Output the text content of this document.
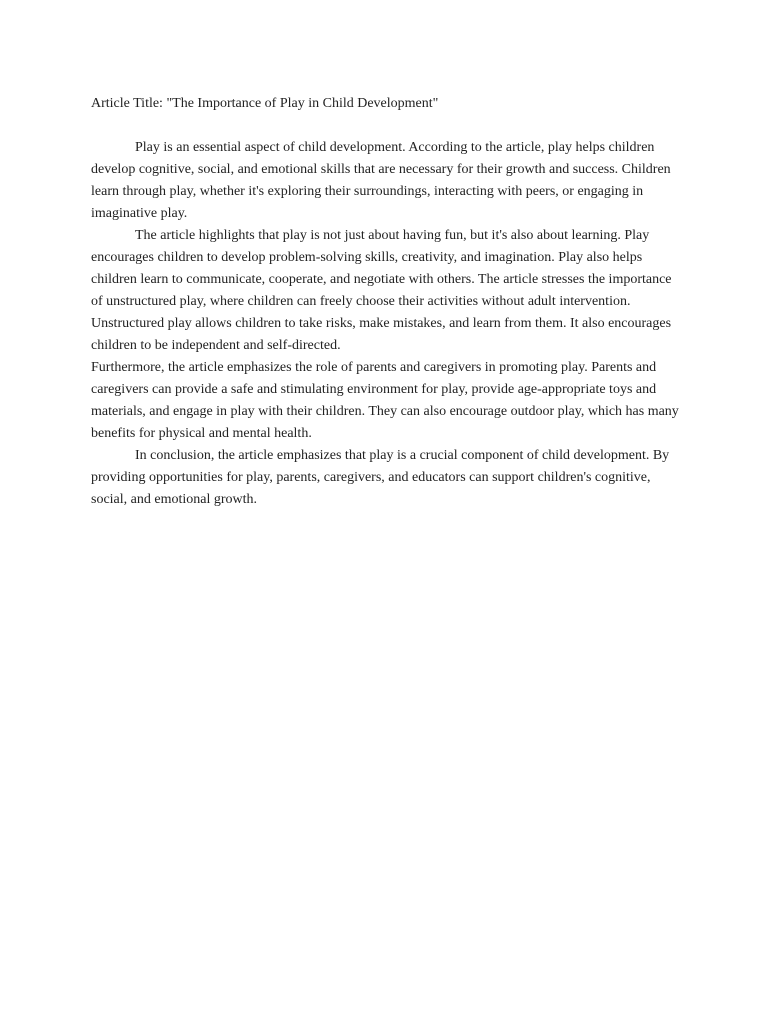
Article Title: "The Importance of Play in Child Development"

Play is an essential aspect of child development. According to the article, play helps children develop cognitive, social, and emotional skills that are necessary for their growth and success. Children learn through play, whether it's exploring their surroundings, interacting with peers, or engaging in imaginative play.

The article highlights that play is not just about having fun, but it's also about learning. Play encourages children to develop problem-solving skills, creativity, and imagination. Play also helps children learn to communicate, cooperate, and negotiate with others. The article stresses the importance of unstructured play, where children can freely choose their activities without adult intervention. Unstructured play allows children to take risks, make mistakes, and learn from them. It also encourages children to be independent and self-directed.

Furthermore, the article emphasizes the role of parents and caregivers in promoting play. Parents and caregivers can provide a safe and stimulating environment for play, provide age-appropriate toys and materials, and engage in play with their children. They can also encourage outdoor play, which has many benefits for physical and mental health.

In conclusion, the article emphasizes that play is a crucial component of child development. By providing opportunities for play, parents, caregivers, and educators can support children's cognitive, social, and emotional growth.
